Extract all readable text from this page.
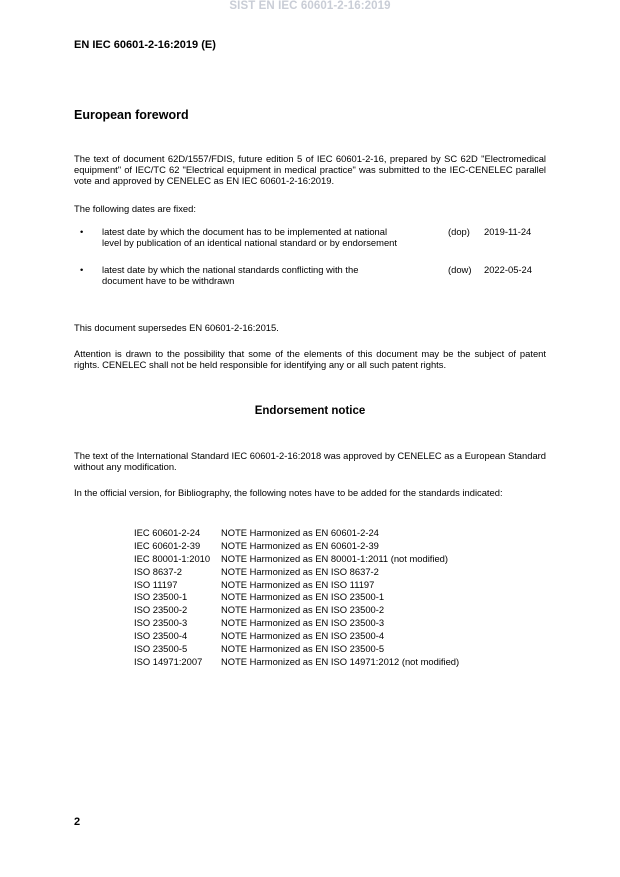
SIST EN IEC 60601-2-16:2019
EN IEC 60601-2-16:2019 (E)
European foreword
The text of document 62D/1557/FDIS, future edition 5 of IEC 60601-2-16, prepared by SC 62D "Electromedical equipment" of IEC/TC 62 "Electrical equipment in medical practice" was submitted to the IEC-CENELEC parallel vote and approved by CENELEC as EN IEC 60601-2-16:2019.
The following dates are fixed:
• latest date by which the document has to be implemented at national
level by publication of an identical national standard or by endorsement
(dop) 2019-11-24
• latest date by which the national standards conflicting with the
document have to be withdrawn
(dow) 2022-05-24
This document supersedes EN 60601-2-16:2015.
Attention is drawn to the possibility that some of the elements of this document may be the subject of patent rights. CENELEC shall not be held responsible for identifying any or all such patent rights.
Endorsement notice
The text of the International Standard IEC 60601-2-16:2018 was approved by CENELEC as a European Standard without any modification.
In the official version, for Bibliography, the following notes have to be added for the standards indicated:
IEC 60601-2-24	NOTE Harmonized as EN 60601-2-24
IEC 60601-2-39	NOTE Harmonized as EN 60601-2-39
IEC 80001-1:2010	NOTE Harmonized as EN 80001-1:2011 (not modified)
ISO 8637-2	NOTE Harmonized as EN ISO 8637-2
ISO 11197	NOTE Harmonized as EN ISO 11197
ISO 23500-1	NOTE Harmonized as EN ISO 23500-1
ISO 23500-2	NOTE Harmonized as EN ISO 23500-2
ISO 23500-3	NOTE Harmonized as EN ISO 23500-3
ISO 23500-4	NOTE Harmonized as EN ISO 23500-4
ISO 23500-5	NOTE Harmonized as EN ISO 23500-5
ISO 14971:2007	NOTE Harmonized as EN ISO 14971:2012 (not modified)
2
